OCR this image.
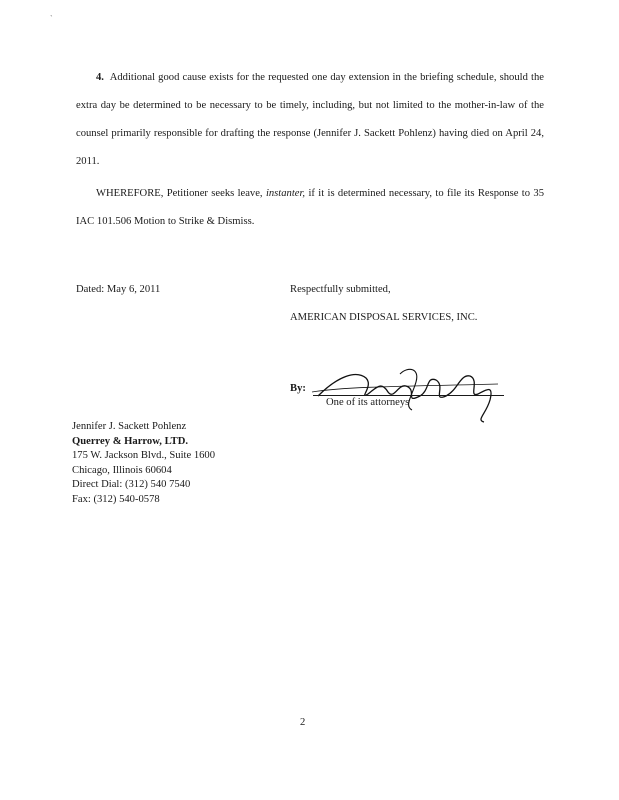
`

4. Additional good cause exists for the requested one day extension in the briefing schedule, should the extra day be determined to be necessary to be timely, including, but not limited to the mother-in-law of the counsel primarily responsible for drafting the response (Jennifer J. Sackett Pohlenz) having died on April 24, 2011.

WHEREFORE, Petitioner seeks leave, instanter, if it is determined necessary, to file its Response to 35 IAC 101.506 Motion to Strike & Dismiss.

Dated: May 6, 2011	Respectfully submitted,
AMERICAN DISPOSAL SERVICES, INC.
By:
One of its attorneys
Jennifer J. Sackett Pohlenz
Querrey & Harrow, LTD.
175 W. Jackson Blvd., Suite 1600
Chicago, Illinois 60604
Direct Dial: (312) 540 7540
Fax: (312) 540-0578
2
